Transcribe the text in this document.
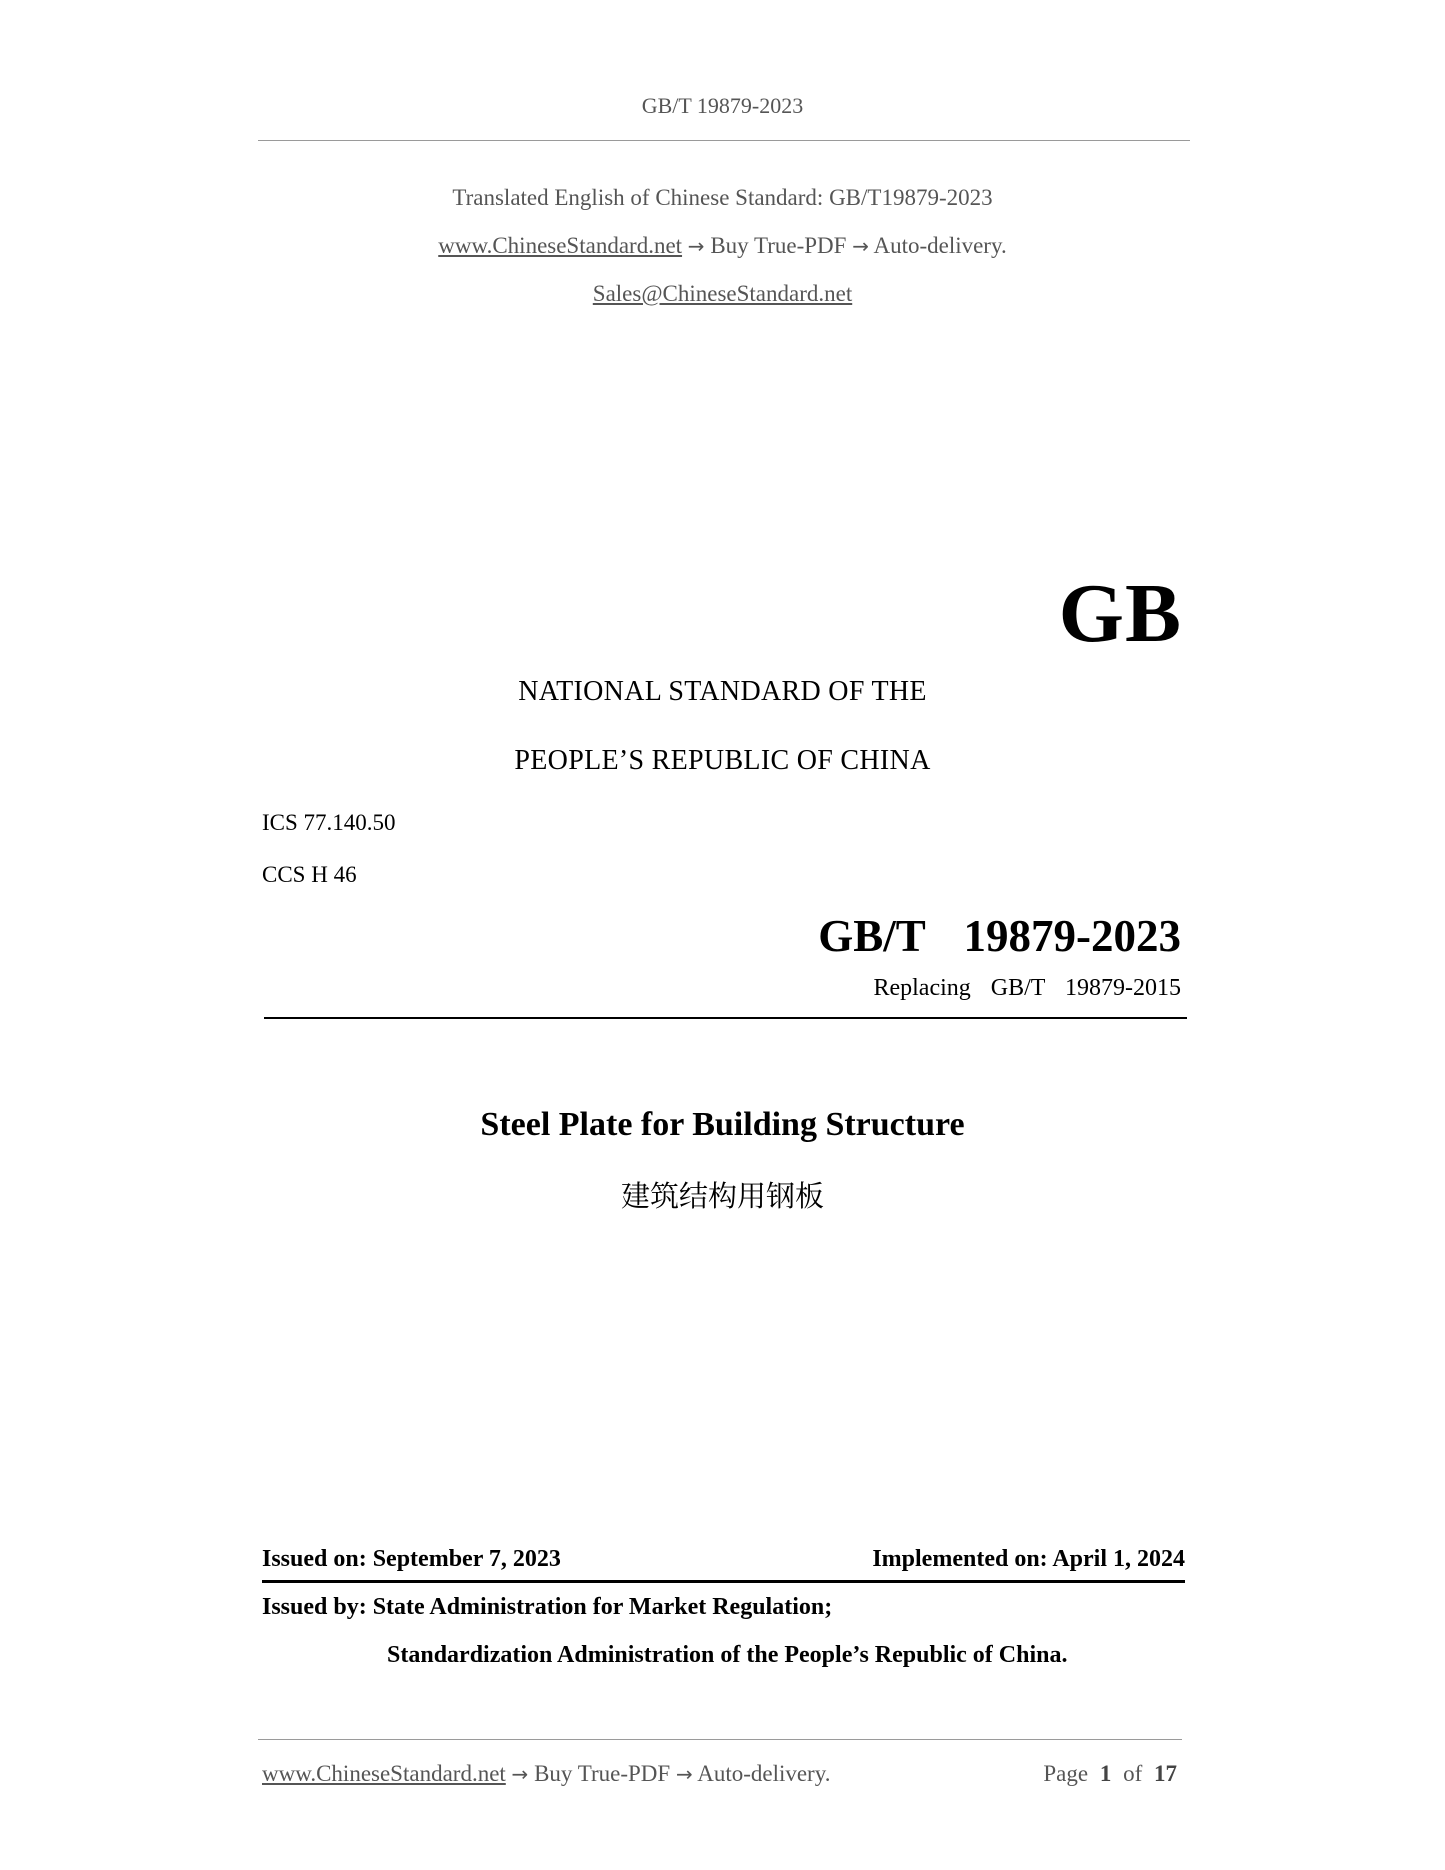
GB/T 19879-2023
Translated English of Chinese Standard: GB/T19879-2023
www.ChineseStandard.net → Buy True-PDF → Auto-delivery.
Sales@ChineseStandard.net
GB
NATIONAL STANDARD OF THE
PEOPLE’S REPUBLIC OF CHINA
ICS 77.140.50
CCS H 46
GB/T  19879-2023
Replacing  GB/T  19879-2015
Steel Plate for Building Structure
建筑结构用钢板
Issued on: September 7, 2023	Implemented on: April 1, 2024
Issued by: State Administration for Market Regulation;
Standardization Administration of the People’s Republic of China.
www.ChineseStandard.net → Buy True-PDF → Auto-delivery.	Page 1 of 17
